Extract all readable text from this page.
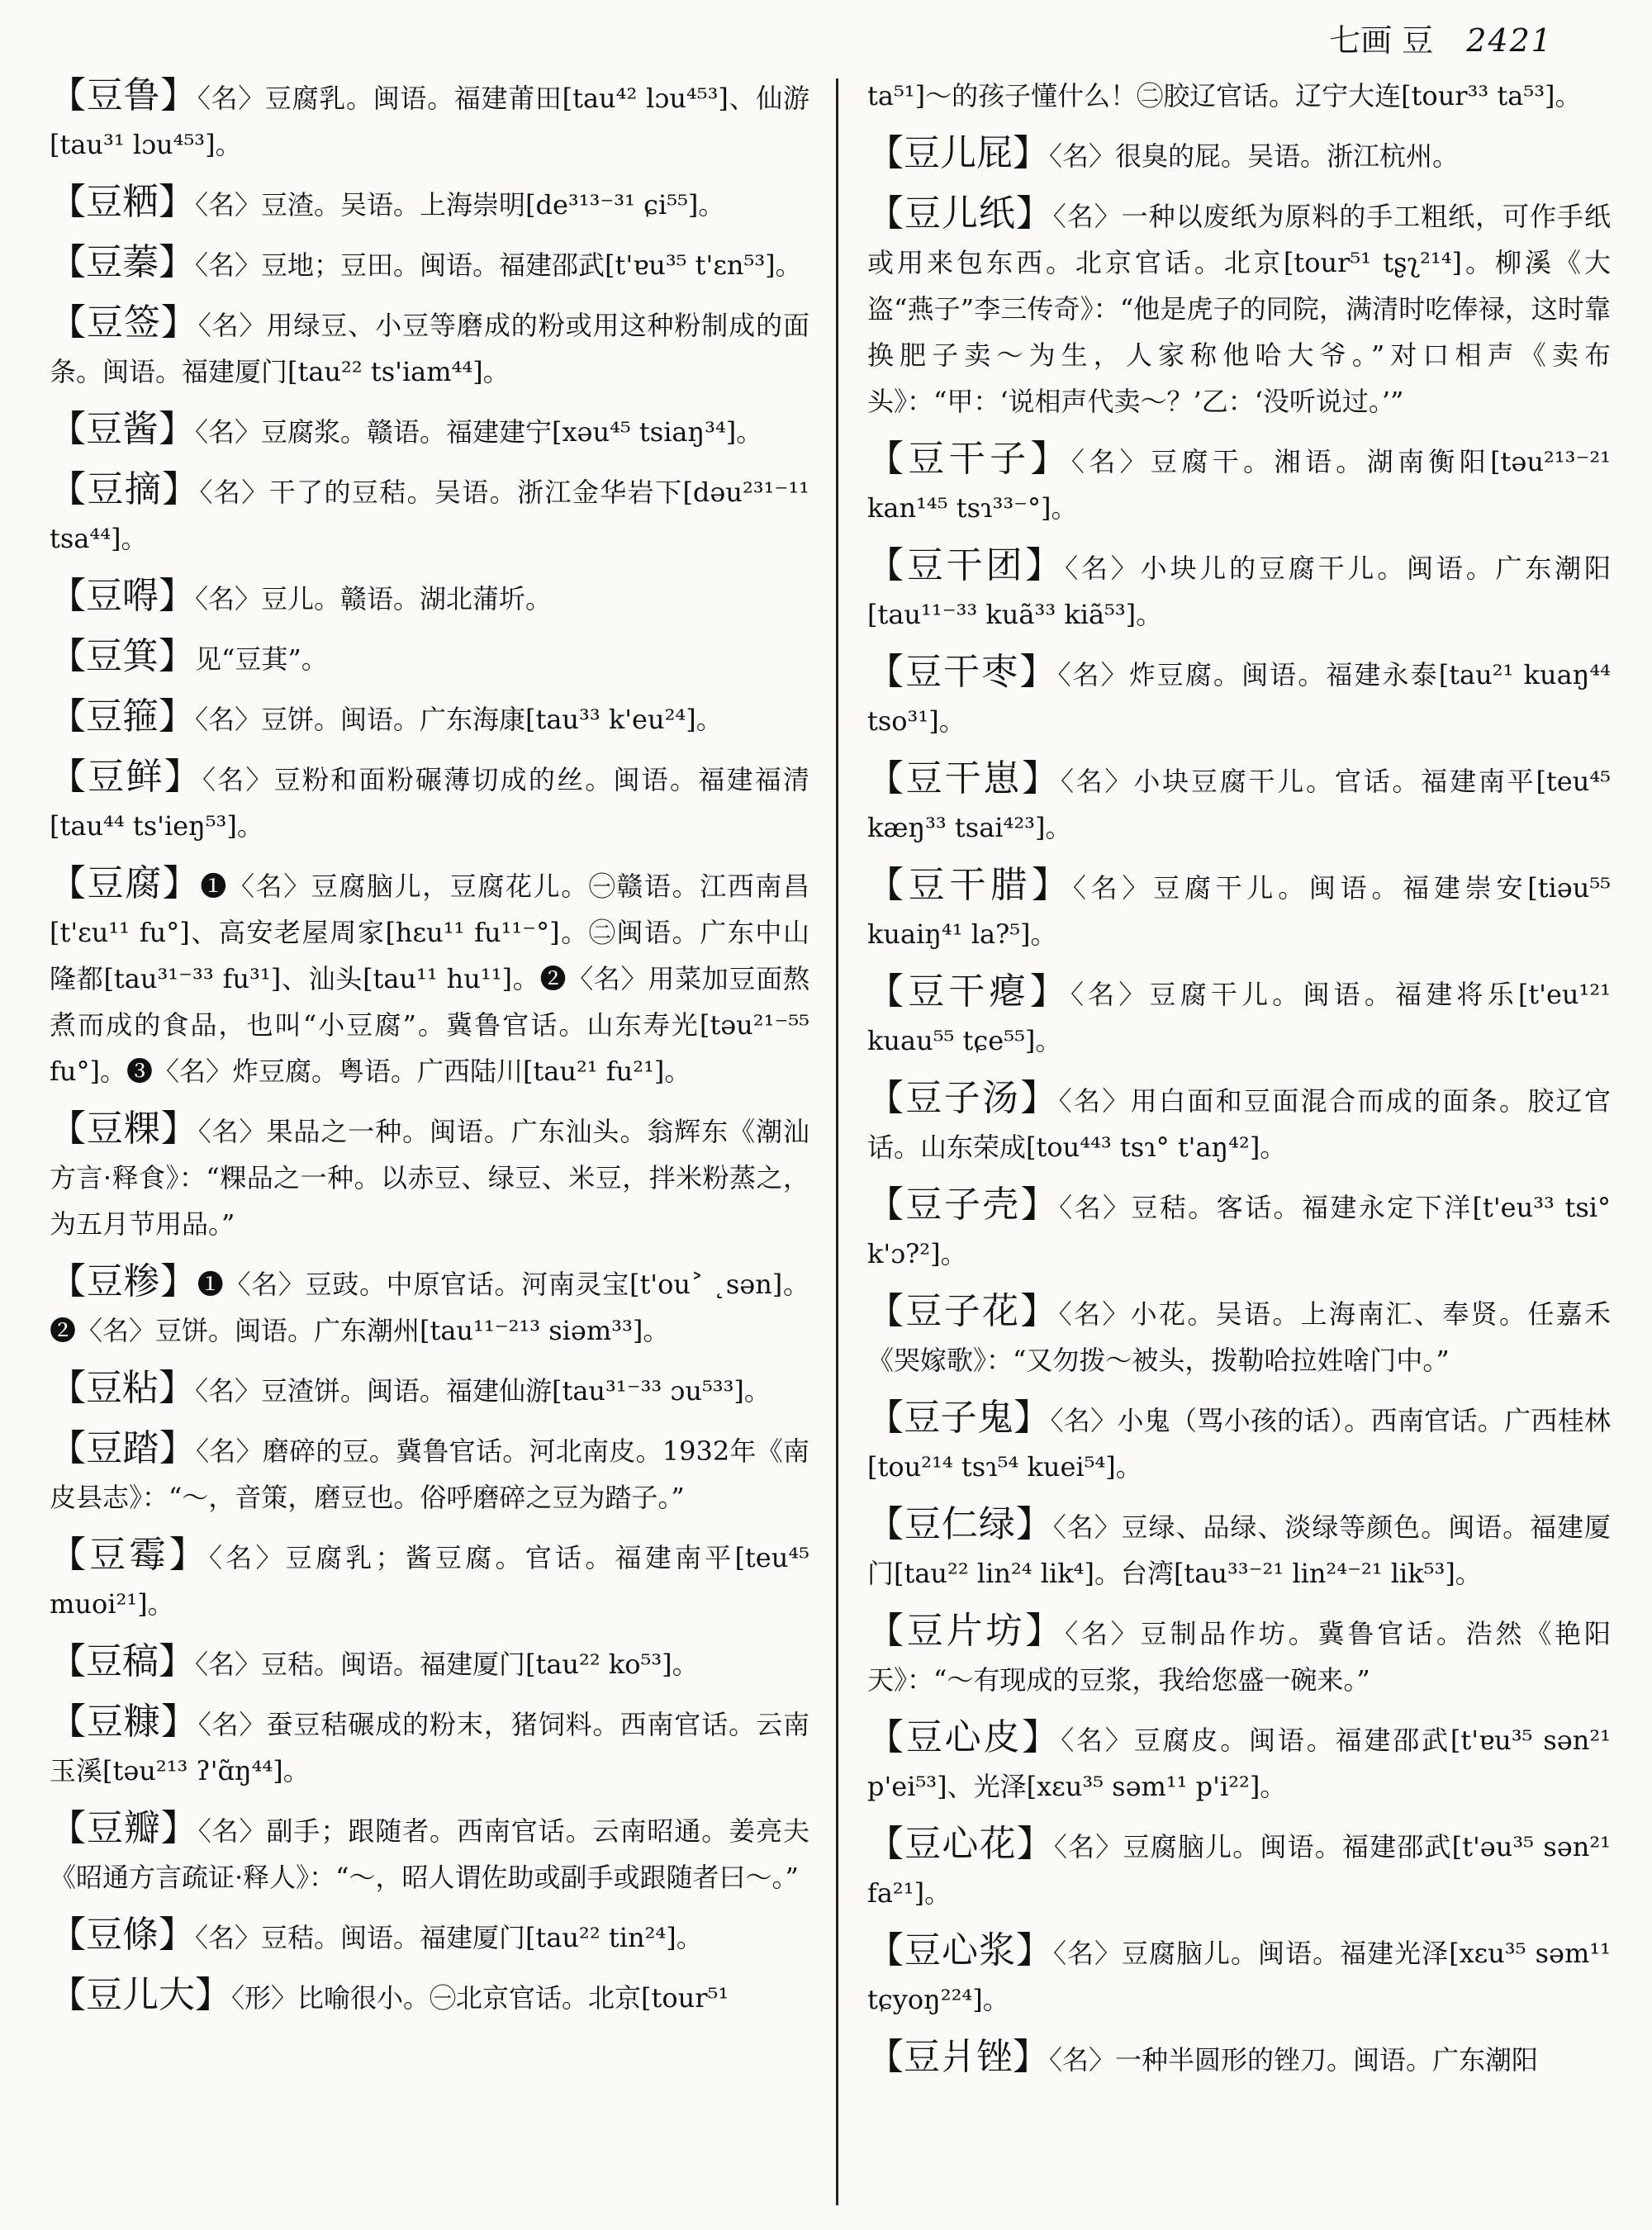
七画 豆 2421
【豆鲁】〈名〉豆腐乳。闽语。福建莆田[tau⁴² lɔu⁴⁵³]、仙游[tau³¹ lɔu⁴⁵³]。
【豆粞】〈名〉豆渣。吴语。上海崇明[de³¹³⁻³¹ ɕi⁵⁵]。
【豆蓁】〈名〉豆地；豆田。闽语。福建邵武[t'ɐu³⁵ t'ɛn⁵³]。
【豆签】〈名〉用绿豆、小豆等磨成的粉或用这种粉制成的面条。闽语。福建厦门[tau²² ts'iam⁴⁴]。
【豆酱】〈名〉豆腐浆。赣语。福建建宁[xəu⁴⁵ tsiaŋ³⁴]。
【豆摘】〈名〉干了的豆秸。吴语。浙江金华岩下[dəu²³¹⁻¹¹ tsa⁴⁴]。
【豆嘚】〈名〉豆儿。赣语。湖北蒲圻。
【豆箕】见“豆萁”。
【豆箍】〈名〉豆饼。闽语。广东海康[tau³³ k'eu²⁴]。
【豆鲜】〈名〉豆粉和面粉碾薄切成的丝。闽语。福建福清[tau⁴⁴ ts'ieŋ⁵³]。
【豆腐】❶〈名〉豆腐脑儿，豆腐花儿。㊀赣语。江西南昌[t'ɛu¹¹ fu°]、高安老屋周家[hɛu¹¹ fu¹¹⁻°]。㊁闽语。广东中山隆都[tau³¹⁻³³ fu³¹]、汕头[tau¹¹ hu¹¹]。❷〈名〉用菜加豆面熬煮而成的食品，也叫“小豆腐”。冀鲁官话。山东寿光[təu²¹⁻⁵⁵ fu°]。❸〈名〉炸豆腐。粤语。广西陆川[tau²¹ fu²¹]。
【豆粿】〈名〉果品之一种。闽语。广东汕头。翁辉东《潮汕方言·释食》：“粿品之一种。以赤豆、绿豆、米豆，拌米粉蒸之，为五月节用品。”
【豆糁】❶〈名〉豆豉。中原官话。河南灵宝[t'ou˃ ˛sən]。❷〈名〉豆饼。闽语。广东潮州[tau¹¹⁻²¹³ siəm³³]。
【豆粘】〈名〉豆渣饼。闽语。福建仙游[tau³¹⁻³³ ɔu⁵³³]。
【豆踏】〈名〉磨碎的豆。冀鲁官话。河北南皮。1932年《南皮县志》：“～，音策，磨豆也。俗呼磨碎之豆为踏子。”
【豆霉】〈名〉豆腐乳；酱豆腐。官话。福建南平[teu⁴⁵ muoi²¹]。
【豆稿】〈名〉豆秸。闽语。福建厦门[tau²² ko⁵³]。
【豆糠】〈名〉蚕豆秸碾成的粉末，猪饲料。西南官话。云南玉溪[təu²¹³ ʔ'ɑ̃ŋ⁴⁴]。
【豆瓣】〈名〉副手；跟随者。西南官话。云南昭通。姜亮夫《昭通方言疏证·释人》：“～，昭人谓佐助或副手或跟随者曰～。”
【豆條】〈名〉豆秸。闽语。福建厦门[tau²² tin²⁴]。
【豆儿大】〈形〉比喻很小。㊀北京官话。北京[tour⁵¹
ta⁵¹]～的孩子懂什么！㊁胶辽官话。辽宁大连[tour³³ ta⁵³]。
【豆儿屁】〈名〉很臭的屁。吴语。浙江杭州。
【豆儿纸】〈名〉一种以废纸为原料的手工粗纸，可作手纸或用来包东西。北京官话。北京[tour⁵¹ tʂʅ²¹⁴]。柳溪《大盗“燕子”李三传奇》：“他是虎子的同院，满清时吃俸禄，这时靠换肥子卖～为生，人家称他哈大爷。”对口相声《卖布头》：“甲：‘说相声代卖～？’乙：‘没听说过。’”
【豆干子】〈名〉豆腐干。湘语。湖南衡阳[təu²¹³⁻²¹ kan¹⁴⁵ tsɿ³³⁻°]。
【豆干团】〈名〉小块儿的豆腐干儿。闽语。广东潮阳[tau¹¹⁻³³ kuã³³ kiã⁵³]。
【豆干枣】〈名〉炸豆腐。闽语。福建永泰[tau²¹ kuaŋ⁴⁴ tso³¹]。
【豆干崽】〈名〉小块豆腐干儿。官话。福建南平[teu⁴⁵ kæŋ³³ tsai⁴²³]。
【豆干腊】〈名〉豆腐干儿。闽语。福建崇安[tiəu⁵⁵ kuaiŋ⁴¹ la?⁵]。
【豆干瘪】〈名〉豆腐干儿。闽语。福建将乐[t'eu¹²¹ kuau⁵⁵ tɕe⁵⁵]。
【豆子汤】〈名〉用白面和豆面混合而成的面条。胶辽官话。山东荣成[tou⁴⁴³ tsɿ° t'aŋ⁴²]。
【豆子壳】〈名〉豆秸。客话。福建永定下洋[t'eu³³ tsi° k'ɔ?²]。
【豆子花】〈名〉小花。吴语。上海南汇、奉贤。任嘉禾《哭嫁歌》：“又勿拨～被头，拨勒哈拉姓啥门中。”
【豆子鬼】〈名〉小鬼（骂小孩的话）。西南官话。广西桂林[tou²¹⁴ tsɿ⁵⁴ kuei⁵⁴]。
【豆仁绿】〈名〉豆绿、品绿、淡绿等颜色。闽语。福建厦门[tau²² lin²⁴ lik⁴]。台湾[tau³³⁻²¹ lin²⁴⁻²¹ lik⁵³]。
【豆片坊】〈名〉豆制品作坊。冀鲁官话。浩然《艳阳天》：“～有现成的豆浆，我给您盛一碗来。”
【豆心皮】〈名〉豆腐皮。闽语。福建邵武[t'ɐu³⁵ sən²¹ p'ei⁵³]、光泽[xɛu³⁵ səm¹¹ p'i²²]。
【豆心花】〈名〉豆腐脑儿。闽语。福建邵武[t'əu³⁵ sən²¹ fa²¹]。
【豆心浆】〈名〉豆腐脑儿。闽语。福建光泽[xɛu³⁵ səm¹¹ tɕyoŋ²²⁴]。
【豆爿锉】〈名〉一种半圆形的锉刀。闽语。广东潮阳
